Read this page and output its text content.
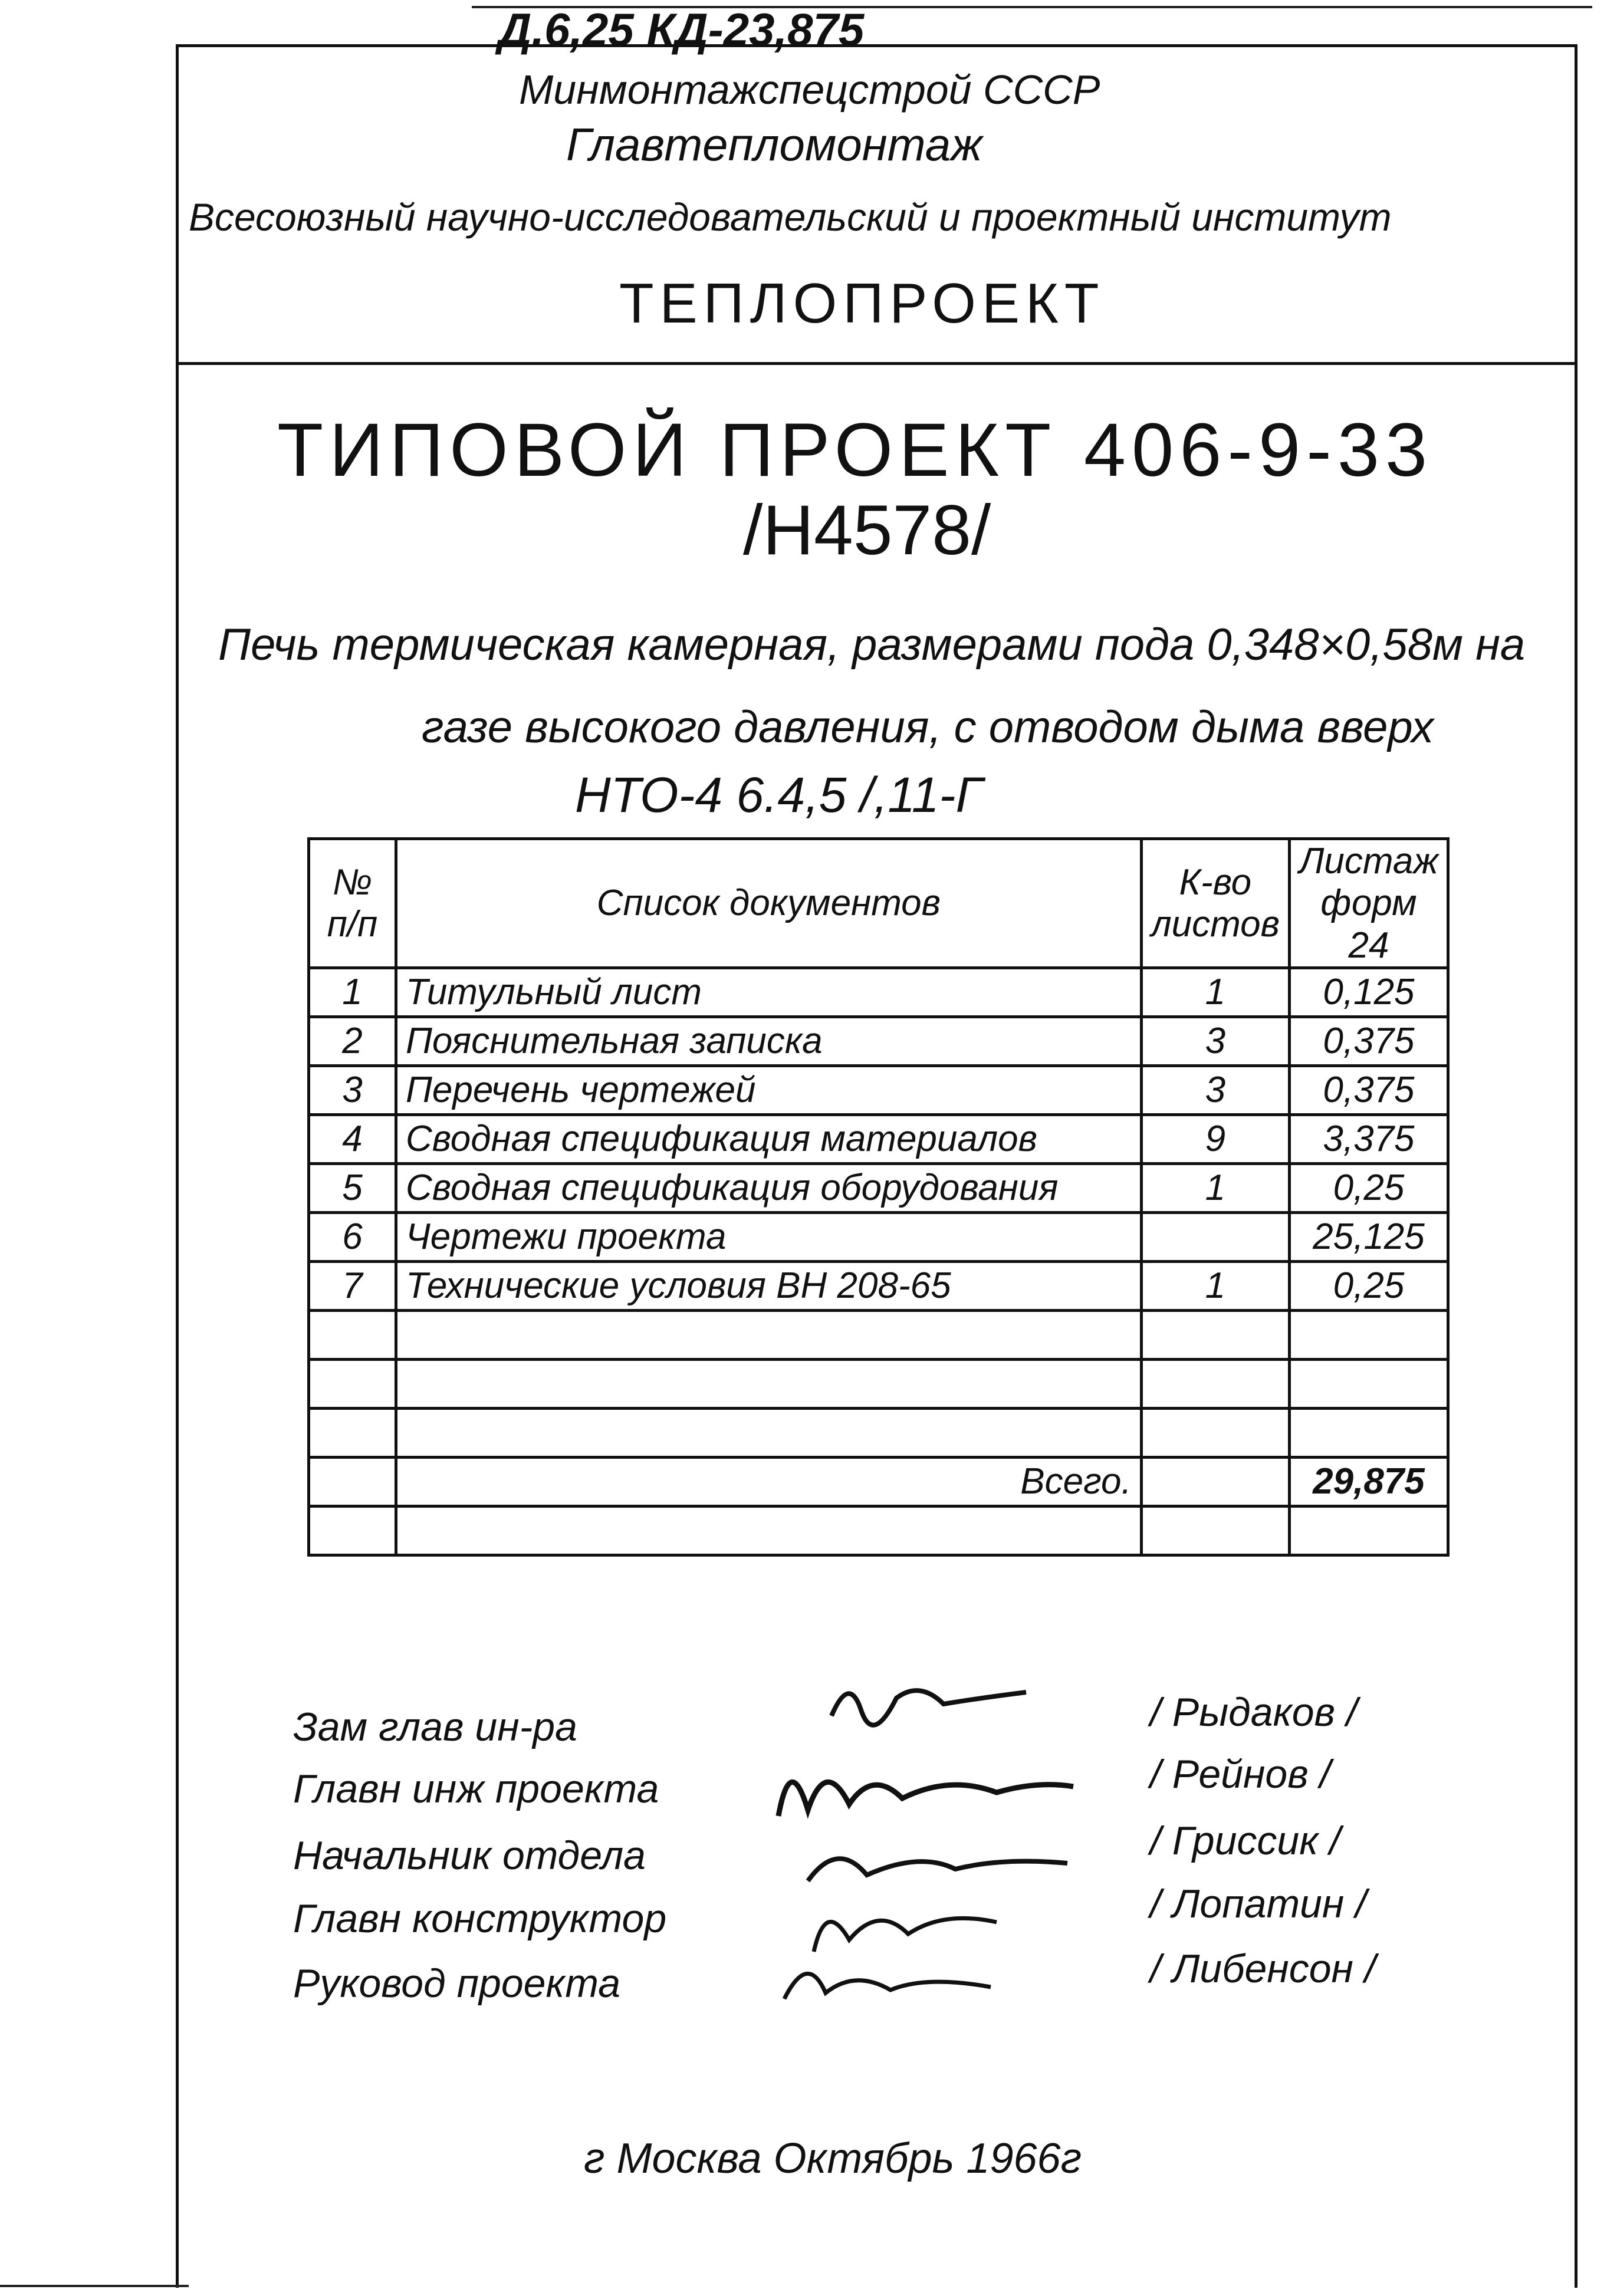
Д.6,25 КД-23,875
Минмонтажспецстрой СССР
Главтепломонтаж
Всесоюзный научно-исследовательский и проектный институт
ТЕПЛОПРОЕКТ
ТИПОВОЙ ПРОЕКТ 406-9-33
/Н4578/
Печь термическая камерная, размерами пода 0,348×0,58м на
газе высокого давления, с отводом дыма вверх
НТО-4 6.4,5 /,11-Г
№ п/п	Список документов	К-во листов	Листаж форм 24
1	Титульный лист	1	0,125
2	Пояснительная записка	3	0,375
3	Перечень чертежей	3	0,375
4	Сводная спецификация материалов	9	3,375
5	Сводная спецификация оборудования	1	0,25
6	Чертежи проекта		25,125
7	Технические условия ВН 208-65	1	0,25

	Всего.		29,875

Зам глав ин-ра	/ Рыдаков /
Главн инж проекта	/ Рейнов /
Начальник отдела	/ Гриссик /
Главн конструктор	/ Лопатин /
Руковод проекта	/ Либенсон /
г Москва Октябрь 1966г
